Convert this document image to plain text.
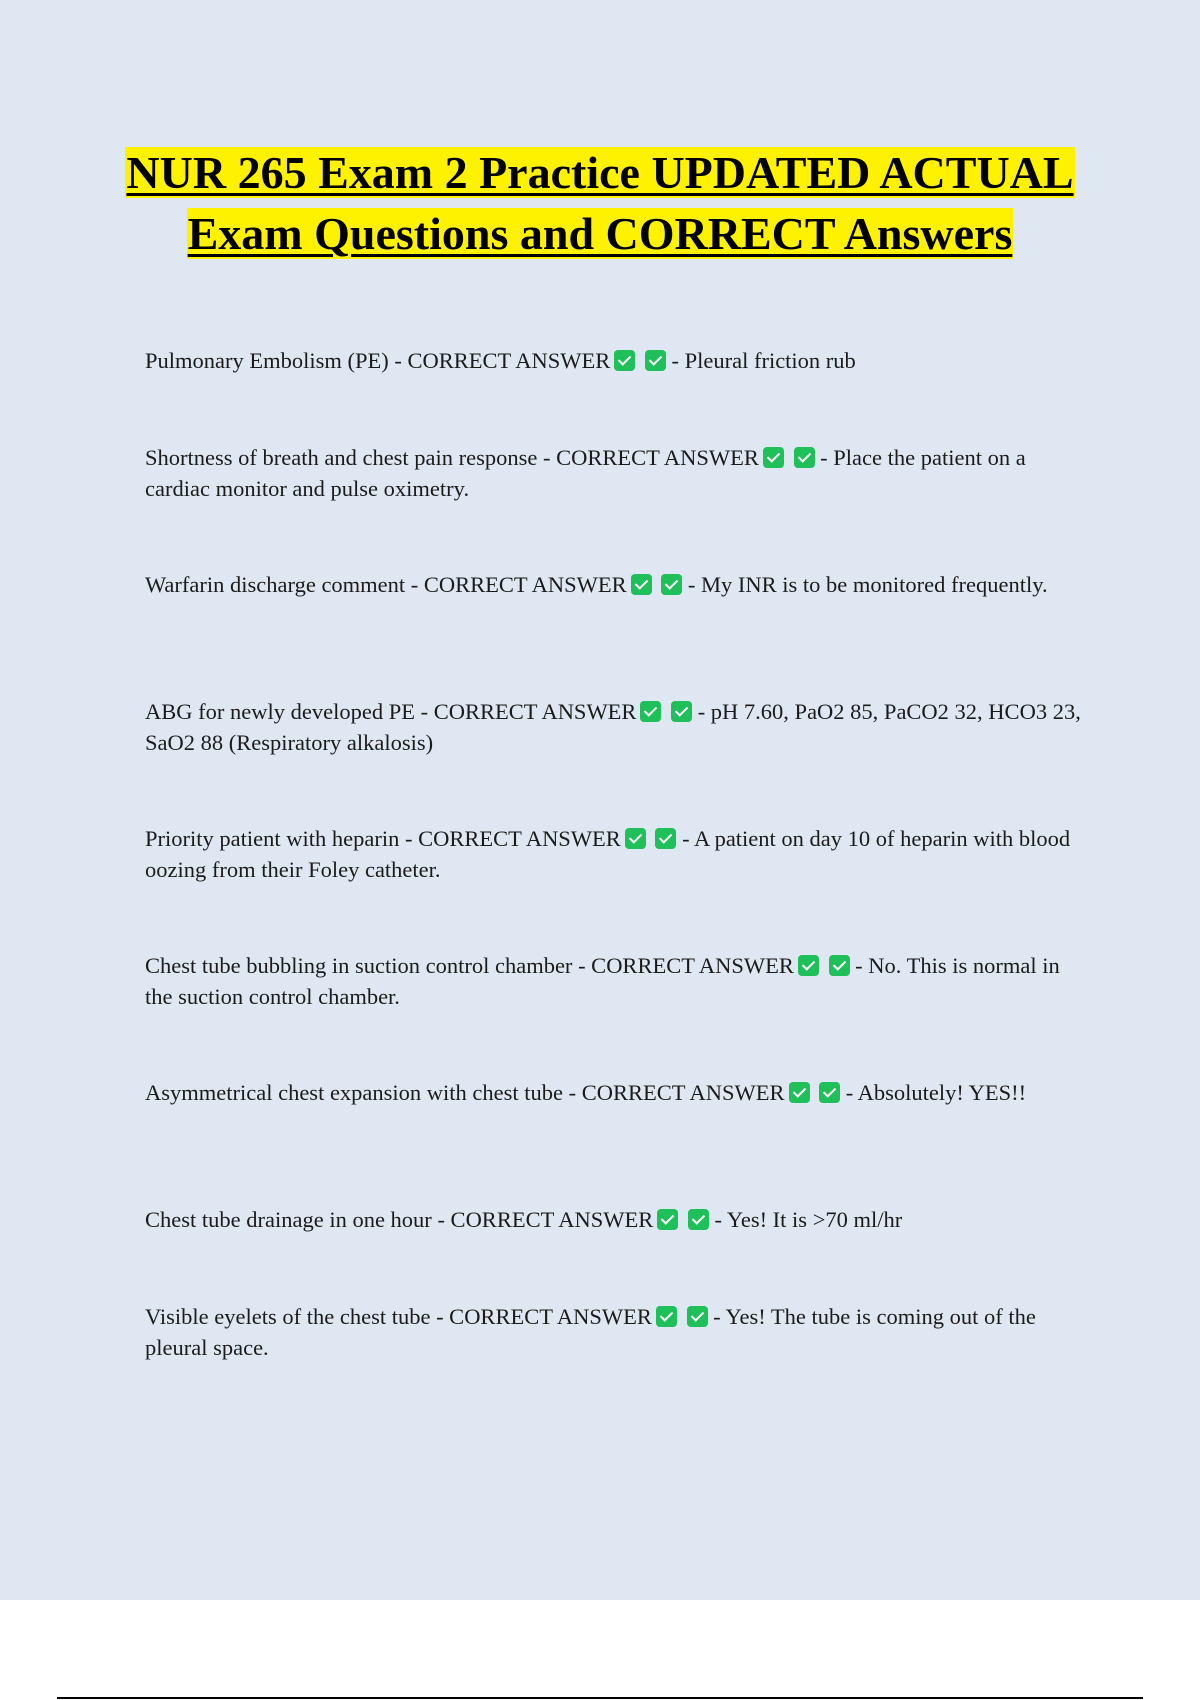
NUR 265 Exam 2 Practice UPDATED ACTUAL Exam Questions and CORRECT Answers

Pulmonary Embolism (PE) - CORRECT ANSWER	- Pleural friction rub

Shortness of breath and chest pain response - CORRECT ANSWER	- Place the patient on a cardiac monitor and pulse oximetry.

Warfarin discharge comment - CORRECT ANSWER	- My INR is to be monitored frequently.

ABG for newly developed PE - CORRECT ANSWER	- pH 7.60, PaO2 85, PaCO2 32, HCO3 23, SaO2 88 (Respiratory alkalosis)

Priority patient with heparin - CORRECT ANSWER	- A patient on day 10 of heparin with blood oozing from their Foley catheter.

Chest tube bubbling in suction control chamber - CORRECT ANSWER	- No. This is normal in the suction control chamber.

Asymmetrical chest expansion with chest tube - CORRECT ANSWER	- Absolutely! YES!!

Chest tube drainage in one hour - CORRECT ANSWER	- Yes! It is >70 ml/hr

Visible eyelets of the chest tube - CORRECT ANSWER	- Yes! The tube is coming out of the pleural space.
